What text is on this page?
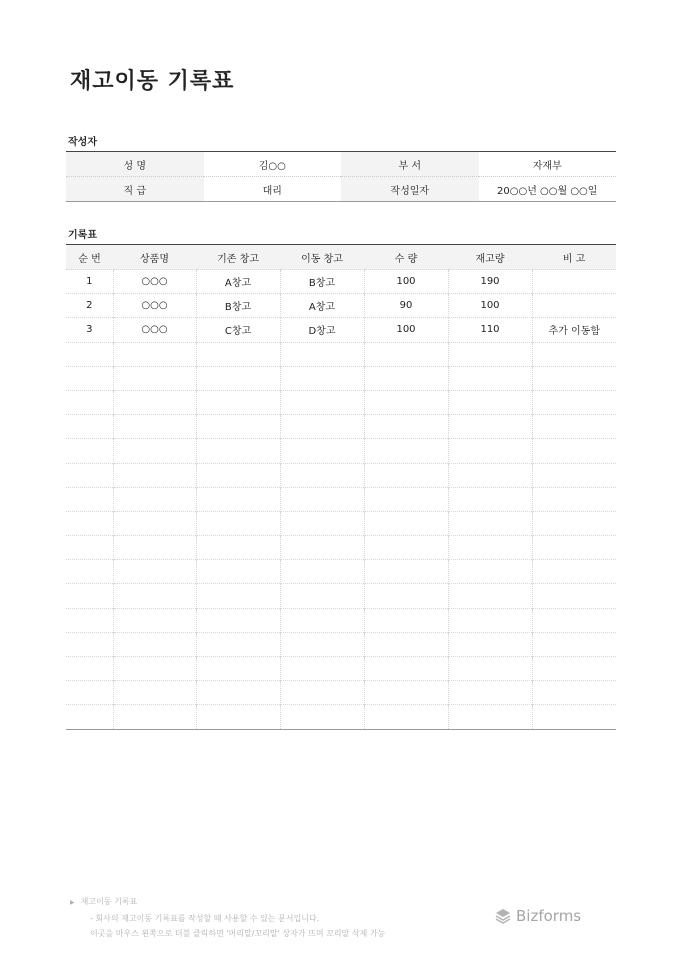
재고이동 기록표
작성자
성 명	김○○	부 서	자재부
직 급	대리	작성일자	20○○년 ○○월 ○○일
기록표
순 번	상품명	기존 창고	이동 창고	수 량	재고량	비 고
1	○○○	A창고	B창고	100	190	
2	○○○	B창고	A창고	90	100	
3	○○○	C창고	D창고	100	110	추가 이동함

▶ 재고이동 기록표
- 회사의 재고이동 기록표를 작성할 때 사용할 수 있는 문서입니다.
이곳을 마우스 왼쪽으로 더블 클릭하면 '머리말/꼬리말' 상자가 뜨며 꼬리말 삭제 가능
Bizforms
